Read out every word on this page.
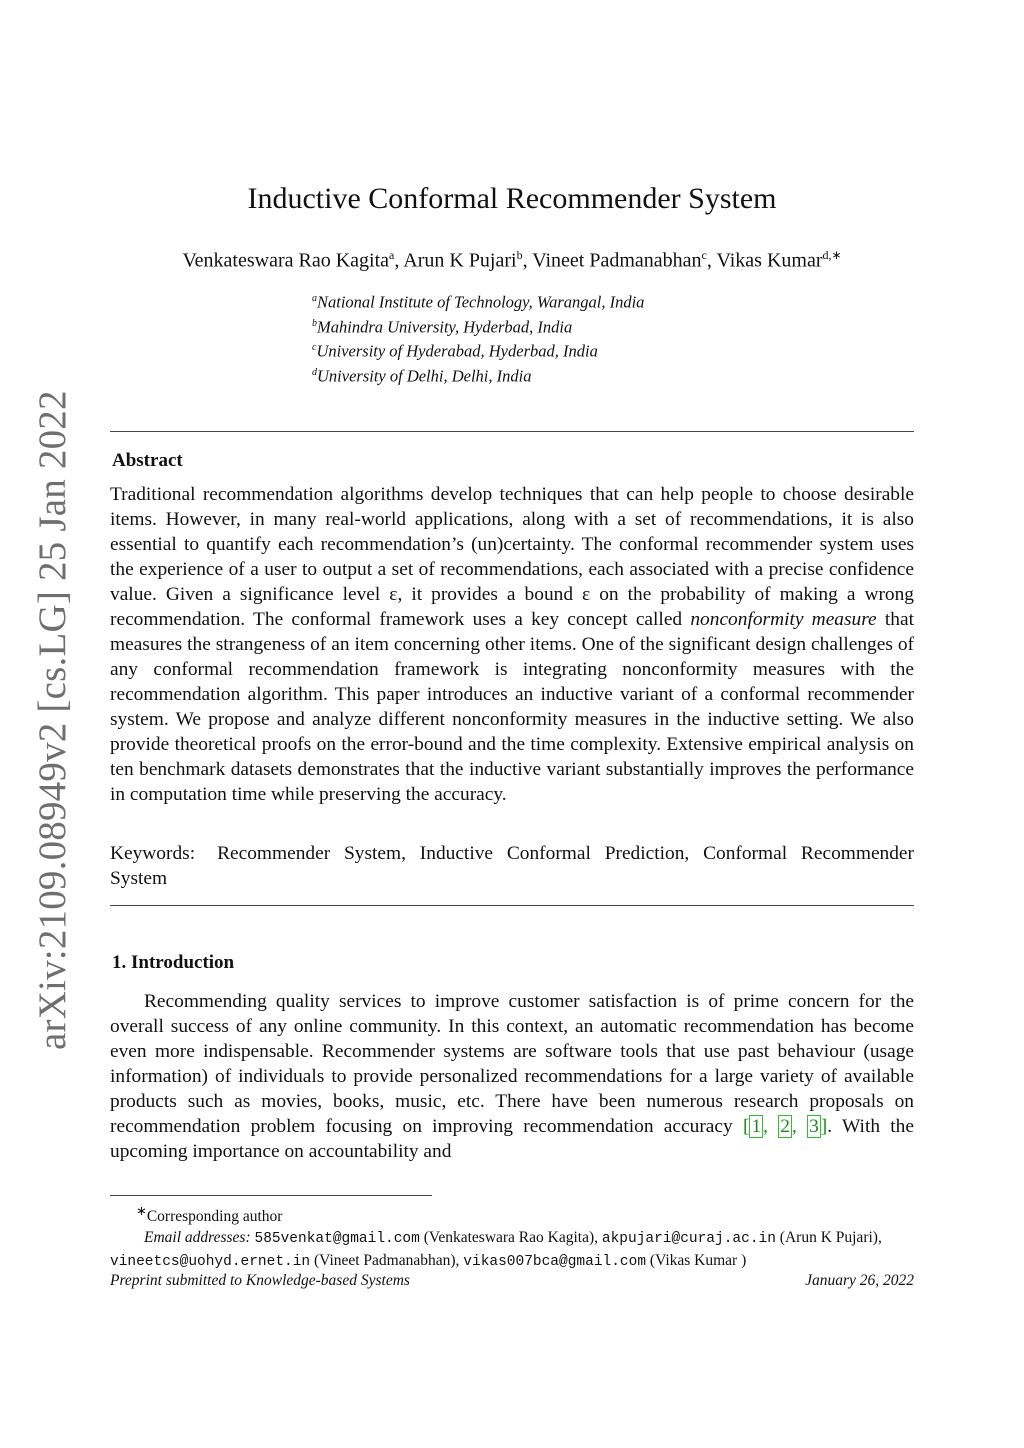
arXiv:2109.08949v2 [cs.LG] 25 Jan 2022
Inductive Conformal Recommender System
Venkateswara Rao Kagita$^a$, Arun K Pujari$^b$, Vineet Padmanabhan$^c$, Vikas Kumar$^{d,∗}$
$^a$National Institute of Technology, Warangal, India
$^b$Mahindra University, Hyderbad, India
$^c$University of Hyderabad, Hyderbad, India
$^d$University of Delhi, Delhi, India
Abstract

Traditional recommendation algorithms develop techniques that can help people to choose desirable items. However, in many real-world applications, along with a set of recommendations, it is also essential to quantify each recommendation’s (un)certainty. The conformal recommender system uses the experience of a user to output a set of recommendations, each associated with a precise confidence value. Given a significance level ε, it provides a bound ε on the probability of making a wrong recommendation. The conformal framework uses a key concept called nonconformity measure that measures the strangeness of an item concerning other items. One of the significant design challenges of any conformal recommendation framework is integrating nonconformity measures with the recommendation algorithm. This paper introduces an inductive variant of a conformal recommender system. We propose and analyze different nonconformity measures in the inductive setting. We also provide theoretical proofs on the error-bound and the time complexity. Extensive empirical analysis on ten benchmark datasets demonstrates that the inductive variant substantially improves the performance in computation time while preserving the accuracy.

Keywords: Recommender System, Inductive Conformal Prediction, Conformal Recommender System

1. Introduction

Recommending quality services to improve customer satisfaction is of prime concern for the overall success of any online community. In this context, an automatic recommendation has become even more indispensable. Recommender systems are software tools that use past behaviour (usage information) of individuals to provide personalized recommendations for a large variety of available products such as movies, books, music, etc. There have been numerous research proposals on recommendation problem focusing on improving recommendation accuracy [ 1 , 2 , 3 ]. With the upcoming importance on accountability and

∗Corresponding author
Email addresses: 585venkat@gmail.com (Venkateswara Rao Kagita), akpujari@curaj.ac.in (Arun K Pujari), vineetcs@uohyd.ernet.in (Vineet Padmanabhan), vikas007bca@gmail.com (Vikas Kumar )
Preprint submitted to Knowledge-based Systems	January 26, 2022
